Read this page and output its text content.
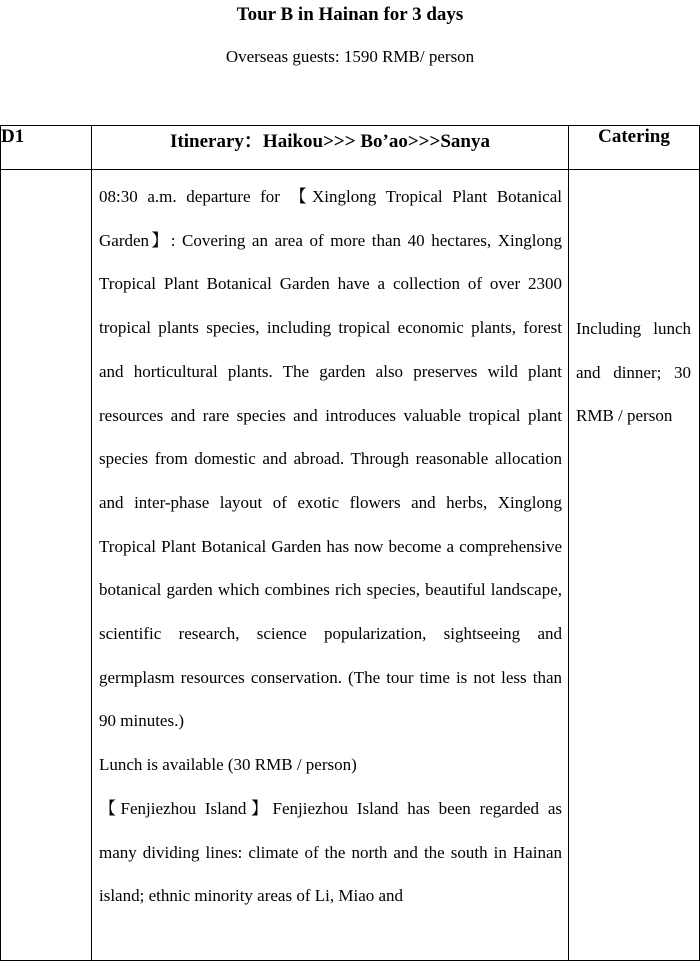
Tour B in Hainan for 3 days
Overseas guests: 1590 RMB/ person
D1	Itinerary：Haikou>>> Bo’ao>>>Sanya	Catering

	08:30 a.m. departure for 【Xinglong Tropical Plant Botanical Garden】: Covering an area of more than 40 hectares, Xinglong Tropical Plant Botanical Garden have a collection of over 2300 tropical plants species, including tropical economic plants, forest and horticultural plants. The garden also preserves wild plant resources and rare species and introduces valuable tropical plant species from domestic and abroad. Through reasonable allocation and inter-phase layout of exotic flowers and herbs, Xinglong Tropical Plant Botanical Garden has now become a comprehensive botanical garden which combines rich species, beautiful landscape, scientific research, science popularization, sightseeing and germplasm resources conservation. (The tour time is not less than 90 minutes.)

Lunch is available (30 RMB / person)

【Fenjiezhou Island】Fenjiezhou Island has been regarded as many dividing lines: climate of the north and the south in Hainan island; ethnic minority areas of Li, Miao and	Including lunch and dinner; 30 RMB / person
